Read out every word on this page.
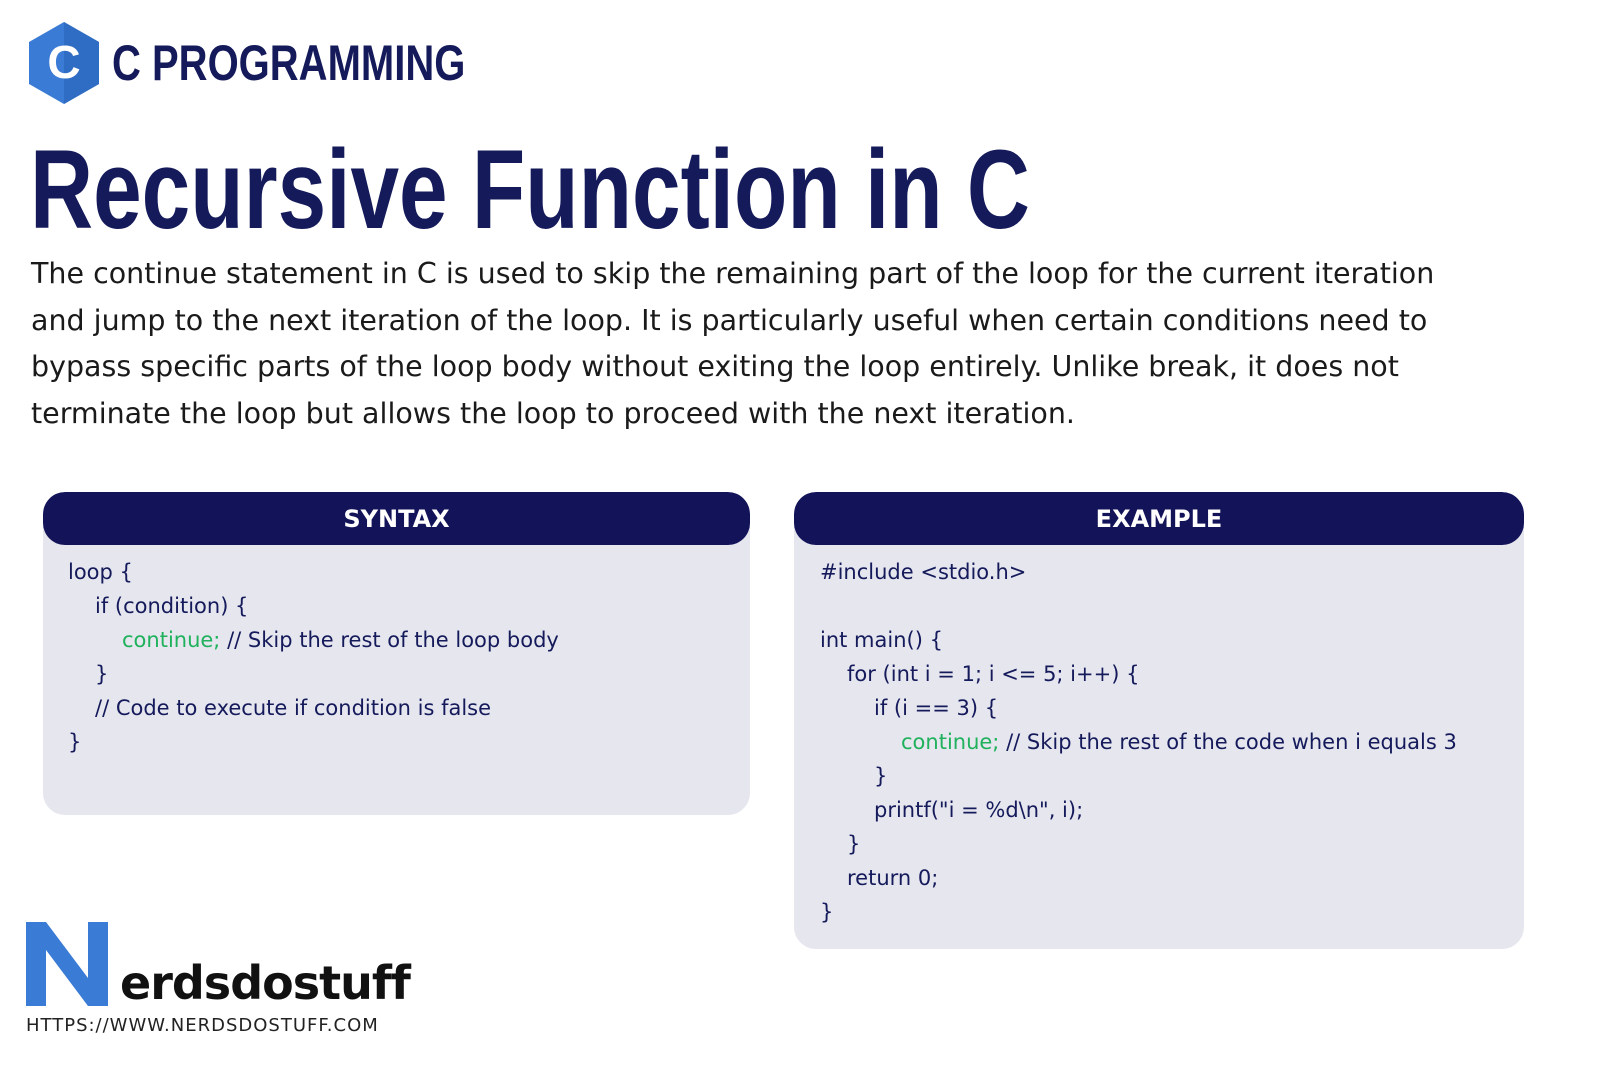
C C PROGRAMMING
Recursive Function in C
The continue statement in C is used to skip the remaining part of the loop for the current iteration
and jump to the next iteration of the loop. It is particularly useful when certain conditions need to
bypass specific parts of the loop body without exiting the loop entirely. Unlike break, it does not
terminate the loop but allows the loop to proceed with the next iteration.
SYNTAX
loop {
if (condition) {
continue; // Skip the rest of the loop body
}
// Code to execute if condition is false
}
EXAMPLE
#include <stdio.h>
int main() {
for (int i = 1; i <= 5; i++) {
if (i == 3) {
continue; // Skip the rest of the code when i equals 3
}
printf("i = %d\n", i);
}
return 0;
}
erdsdostuff
HTTPS://WWW.NERDSDOSTUFF.COM
